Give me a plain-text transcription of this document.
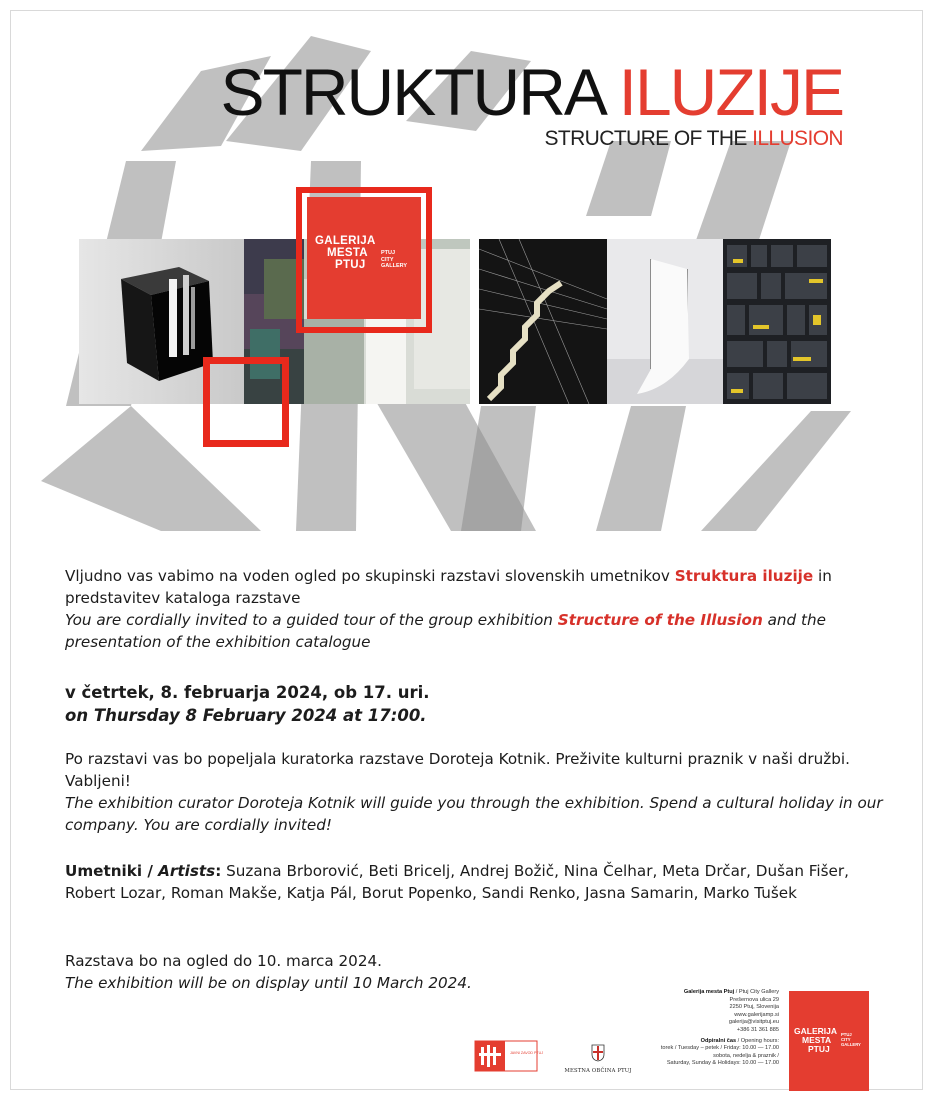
STRUKTURA ILUZIJE
STRUCTURE OF THE ILLUSION
GALERIJA
MESTA
PTUJ
PTUJ
CITY
GALLERY
Vljudno vas vabimo na voden ogled po skupinski razstavi slovenskih umetnikov Struktura iluzije in predstavitev kataloga razstave
You are cordially invited to a guided tour of the group exhibition Structure of the Illusion and the presentation of the exhibition catalogue
v četrtek, 8. februarja 2024, ob 17. uri.
on Thursday 8 February 2024 at 17:00.
Po razstavi vas bo popeljala kuratorka razstave Doroteja Kotnik. Preživite kulturni praznik v naši družbi. Vabljeni!
The exhibition curator Doroteja Kotnik will guide you through the exhibition. Spend a cultural holiday in our company. You are cordially invited!
Umetniki / Artists: Suzana Brborović, Beti Bricelj, Andrej Božič, Nina Čelhar, Meta Drčar, Dušan Fišer, Robert Lozar, Roman Makše, Katja Pál, Borut Popenko, Sandi Renko, Jasna Samarin, Marko Tušek
Razstava bo na ogled do 10. marca 2024.
The exhibition will be on display until 10 March 2024.	Galerija mesta Ptuj / Ptuj City Gallery
Prešernova ulica 29
2250 Ptuj, Slovenija
www.galerijamp.si
galerija@visitptuj.eu
+386 31 361 885
Odpiralni čas / Opening hours:
torek / Tuesday – petek / Friday: 10.00 — 17.00
sobota, nedelja & praznik /
Saturday, Sunday & Holidays: 10.00 — 17.00
GALERIJA
MESTA
PTUJ
PTUJ
CITY
GALLERY
JAVNI ZAVOD PTUJ
MESTNA OBČINA PTUJ
